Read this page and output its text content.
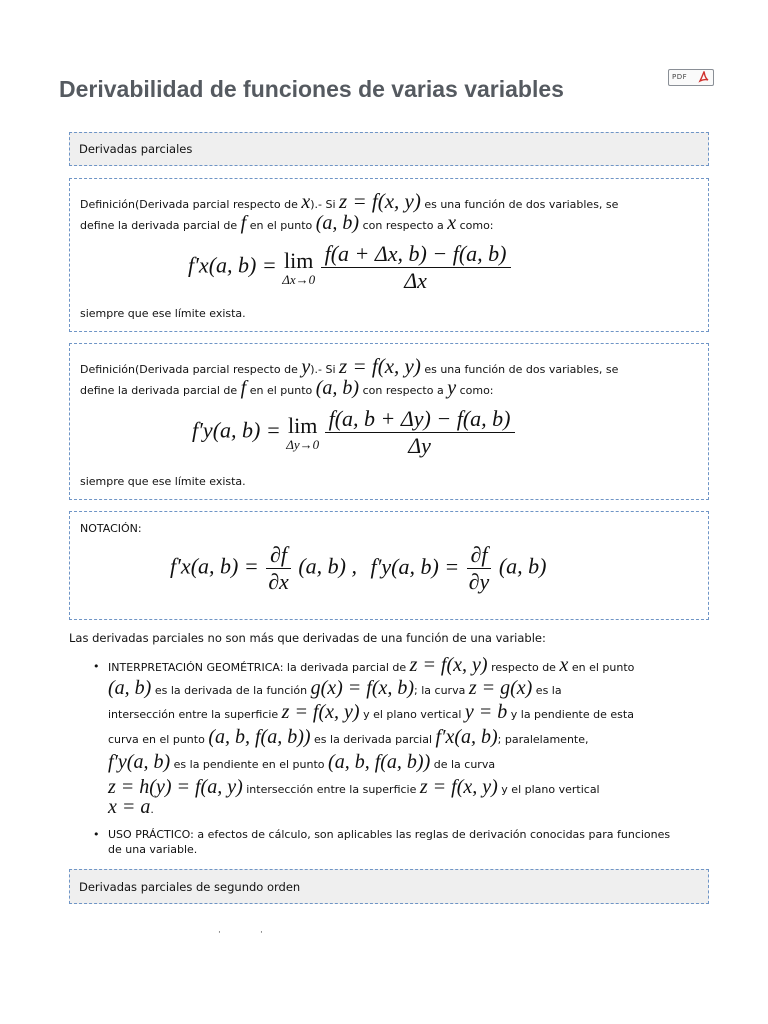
Derivabilidad de funciones de varias variables	PDF
Derivadas parciales
Definición(Derivada parcial respecto de x).- Si z = f(x, y) es una función de dos variables, se
define la derivada parcial de f en el punto (a, b) con respecto a x como:
f′x(a, b) = lim
Δx→0
$\frac{f(a + \Delta x, b) - f(a, b)}{\Delta x}$
siempre que ese límite exista.
Definición(Derivada parcial respecto de y).- Si z = f(x, y) es una función de dos variables, se
define la derivada parcial de f en el punto (a, b) con respecto a y como:
f′y(a, b) = lim
Δy→0
$\frac{f(a, b + \Delta y) - f(a, b)}{\Delta y}$
siempre que ese límite exista.
NOTACIÓN:
f′x(a, $b) = \frac{\partial f}{\partial x} (a$, b) , f′y(a, $b) = \frac{\partial f}{\partial y} (a$, b)
Las derivadas parciales no son más que derivadas de una función de una variable:
• INTERPRETACIÓN GEOMÉTRICA: la derivada parcial de z = f(x, y) respecto de x en el punto
(a, b) es la derivada de la función g(x) = f(x, b); la curva z = g(x) es la
intersección entre la superficie z = f(x, y) y el plano vertical y = b y la pendiente de esta
curva en el punto (a, b, f(a, b)) es la derivada parcial f′x(a, b); paralelamente,
f′y(a, b) es la pendiente en el punto (a, b, f(a, b)) de la curva
z = h(y) = f(a, y) intersección entre la superficie z = f(x, y) y el plano vertical
x = a.
• USO PRÁCTICO: a efectos de cálculo, son aplicables las reglas de derivación conocidas para funciones
de una variable.
Derivadas parciales de segundo orden
·	·
